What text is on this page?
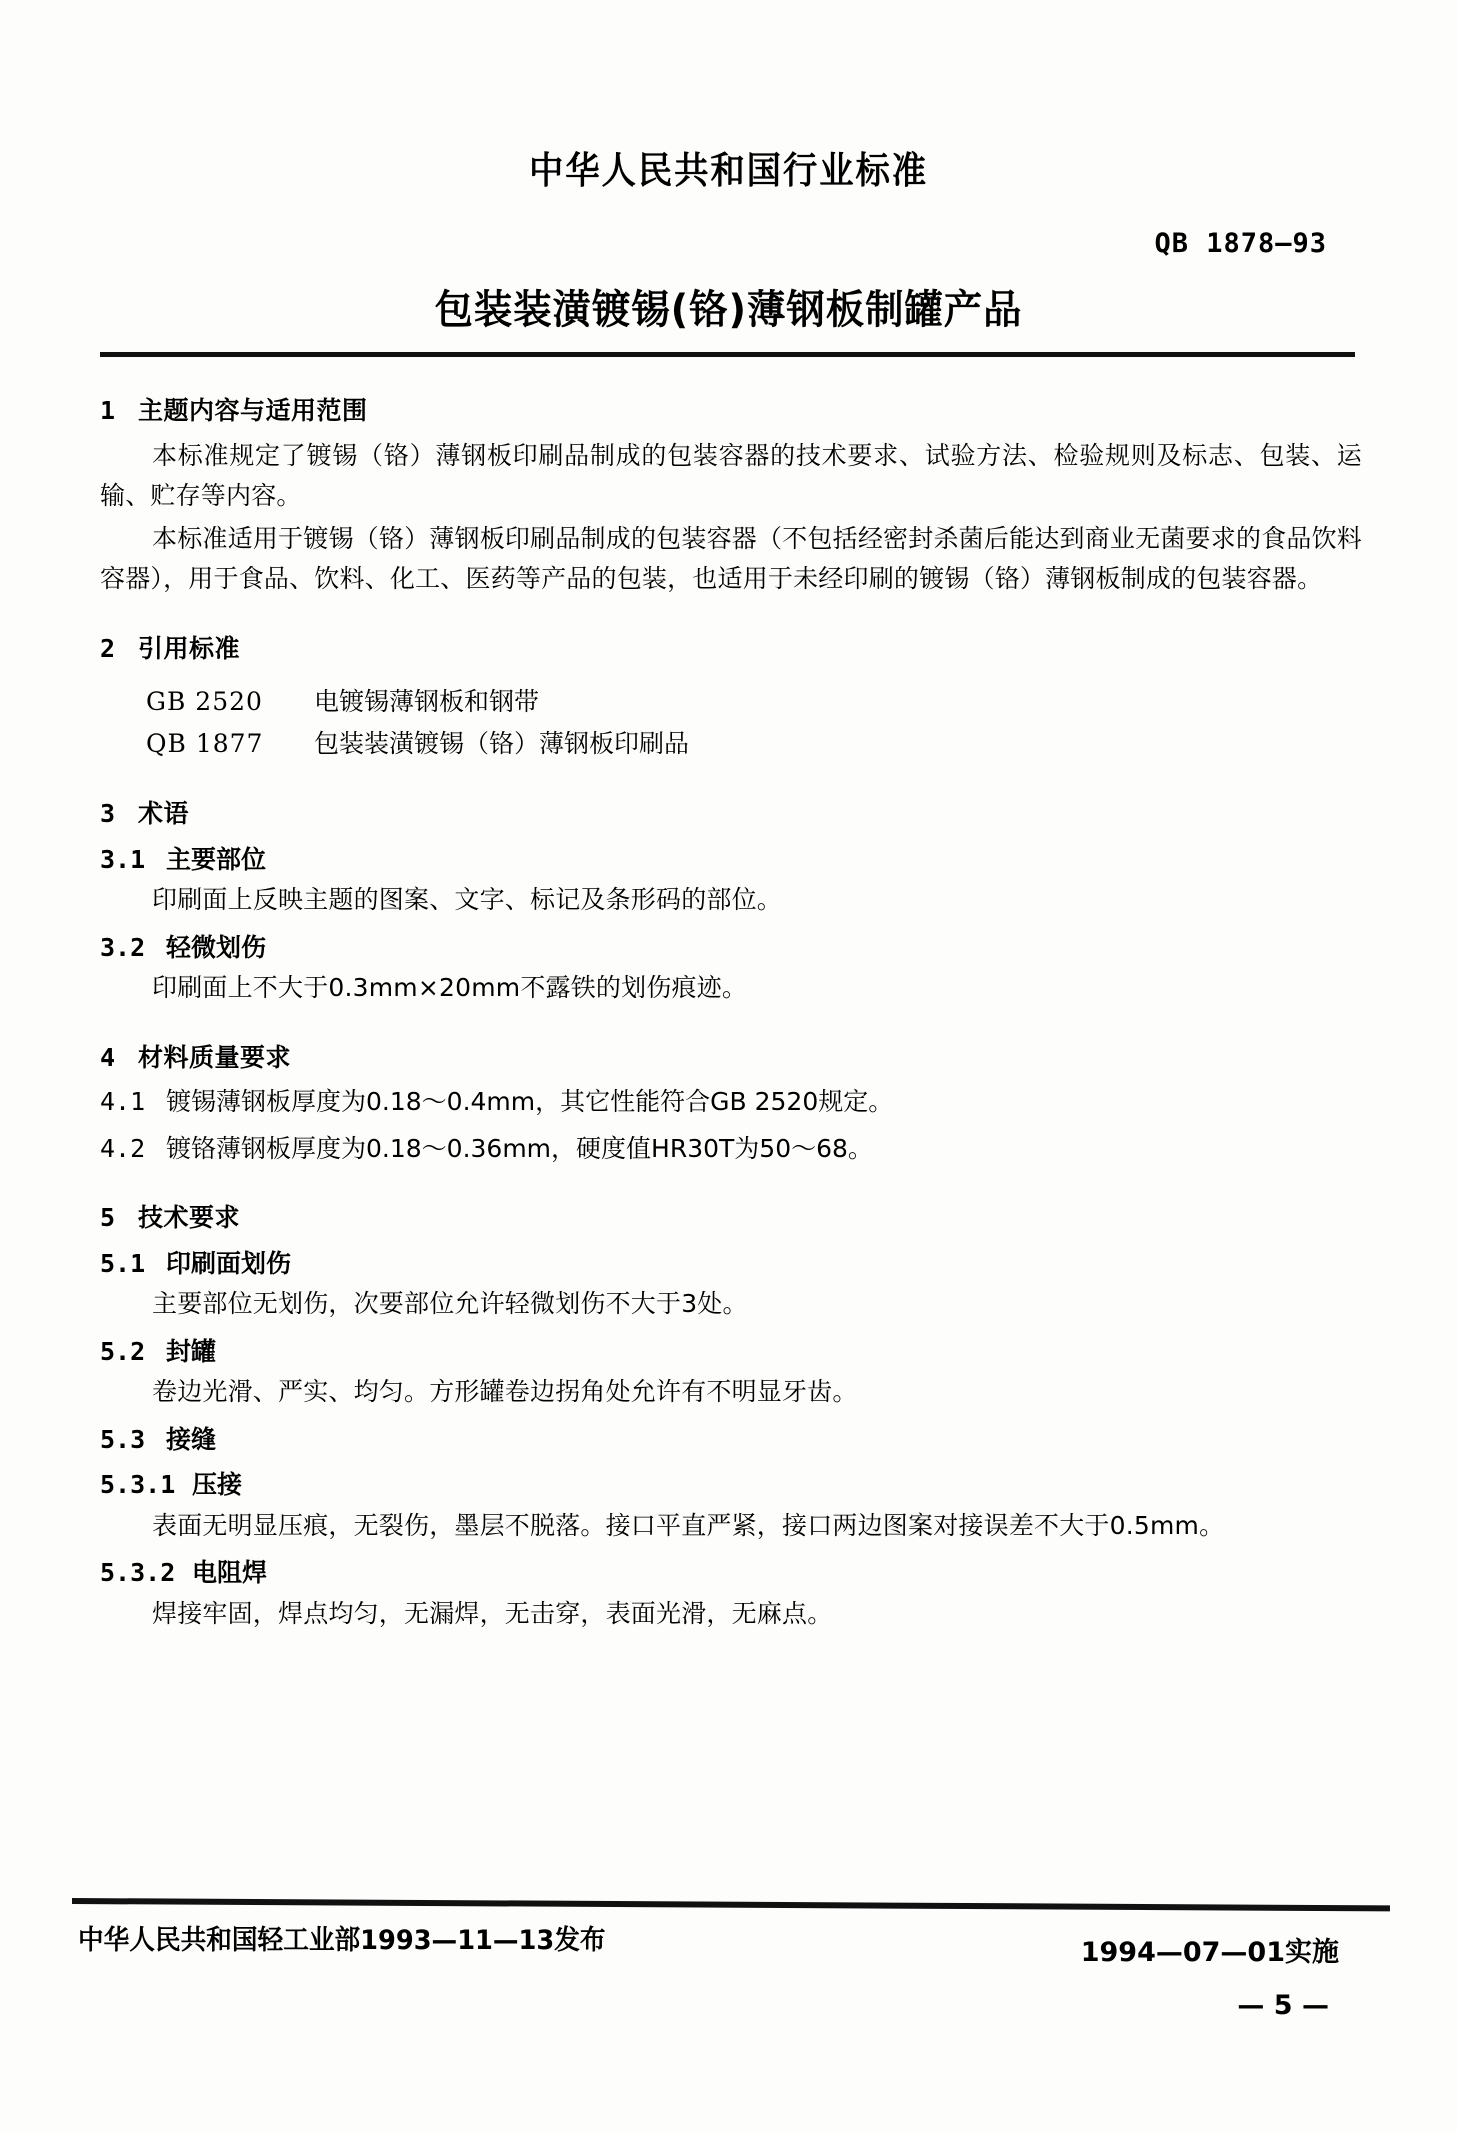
中华人民共和国行业标准
QB 1878—93
包装装潢镀锡(铬)薄钢板制罐产品
1 主题内容与适用范围

本标准规定了镀锡（铬）薄钢板印刷品制成的包装容器的技术要求、试验方法、检验规则及标志、包装、运输、贮存等内容。

本标准适用于镀锡（铬）薄钢板印刷品制成的包装容器（不包括经密封杀菌后能达到商业无菌要求的食品饮料容器），用于食品、饮料、化工、医药等产品的包装，也适用于未经印刷的镀锡（铬）薄钢板制成的包装容器。

2 引用标准

GB 2520 电镀锡薄钢板和钢带

QB 1877 包装装潢镀锡（铬）薄钢板印刷品

3 术语
3.1 主要部位

印刷面上反映主题的图案、文字、标记及条形码的部位。

3.2 轻微划伤

印刷面上不大于0.3mm×20mm不露铁的划伤痕迹。

4 材料质量要求

4.1 镀锡薄钢板厚度为0.18～0.4mm，其它性能符合GB 2520规定。

4.2 镀铬薄钢板厚度为0.18～0.36mm，硬度值HR30T为50～68。

5 技术要求
5.1 印刷面划伤

主要部位无划伤，次要部位允许轻微划伤不大于3处。

5.2 封罐

卷边光滑、严实、均匀。方形罐卷边拐角处允许有不明显牙齿。

5.3 接缝
5.3.1 压接

表面无明显压痕，无裂伤，墨层不脱落。接口平直严紧，接口两边图案对接误差不大于0.5mm。

5.3.2 电阻焊

焊接牢固，焊点均匀，无漏焊，无击穿，表面光滑，无麻点。

中华人民共和国轻工业部1993—11—13发布	1994—07—01实施
— 5 —
